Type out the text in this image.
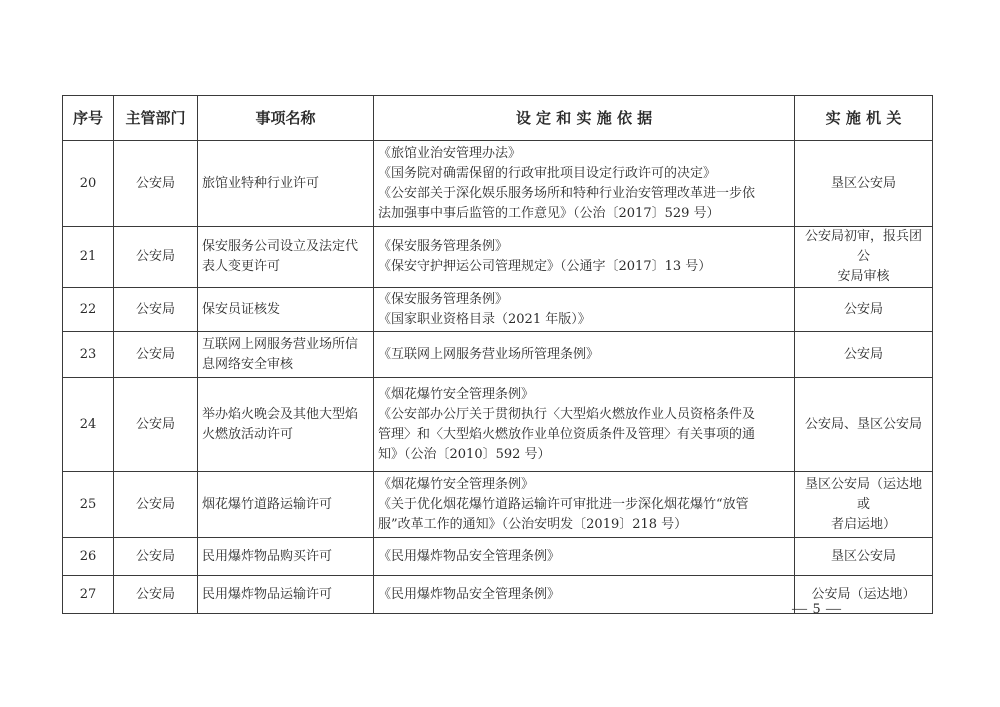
序号	主管部门	事项名称	设 定 和 实 施 依 据	实 施 机 关
20	公安局	旅馆业特种行业许可	《旅馆业治安管理办法》
《国务院对确需保留的行政审批项目设定行政许可的决定》
《公安部关于深化娱乐服务场所和特种行业治安管理改革进一步依
法加强事中事后监管的工作意见》（公治〔2017〕529 号）	垦区公安局

21	公安局	保安服务公司设立及法定代
表人变更许可	《保安服务管理条例》
《保安守护押运公司管理规定》（公通字〔2017〕13 号）	公安局初审，报兵团公
安局审核

22	公安局	保安员证核发	《保安服务管理条例》
《国家职业资格目录（2021 年版）》	公安局

23	公安局	互联网上网服务营业场所信
息网络安全审核	《互联网上网服务营业场所管理条例》	公安局

24	公安局	举办焰火晚会及其他大型焰
火燃放活动许可	《烟花爆竹安全管理条例》
《公安部办公厅关于贯彻执行〈大型焰火燃放作业人员资格条件及
管理〉和〈大型焰火燃放作业单位资质条件及管理〉有关事项的通
知》（公治〔2010〕592 号）	公安局、垦区公安局

25	公安局	烟花爆竹道路运输许可	《烟花爆竹安全管理条例》
《关于优化烟花爆竹道路运输许可审批进一步深化烟花爆竹“放管
服”改革工作的通知》（公治安明发〔2019〕218 号）	垦区公安局（运达地或
者启运地）

26	公安局	民用爆炸物品购买许可	《民用爆炸物品安全管理条例》	垦区公安局

27	公安局	民用爆炸物品运输许可	《民用爆炸物品安全管理条例》	公安局（运达地）
— 5 —
